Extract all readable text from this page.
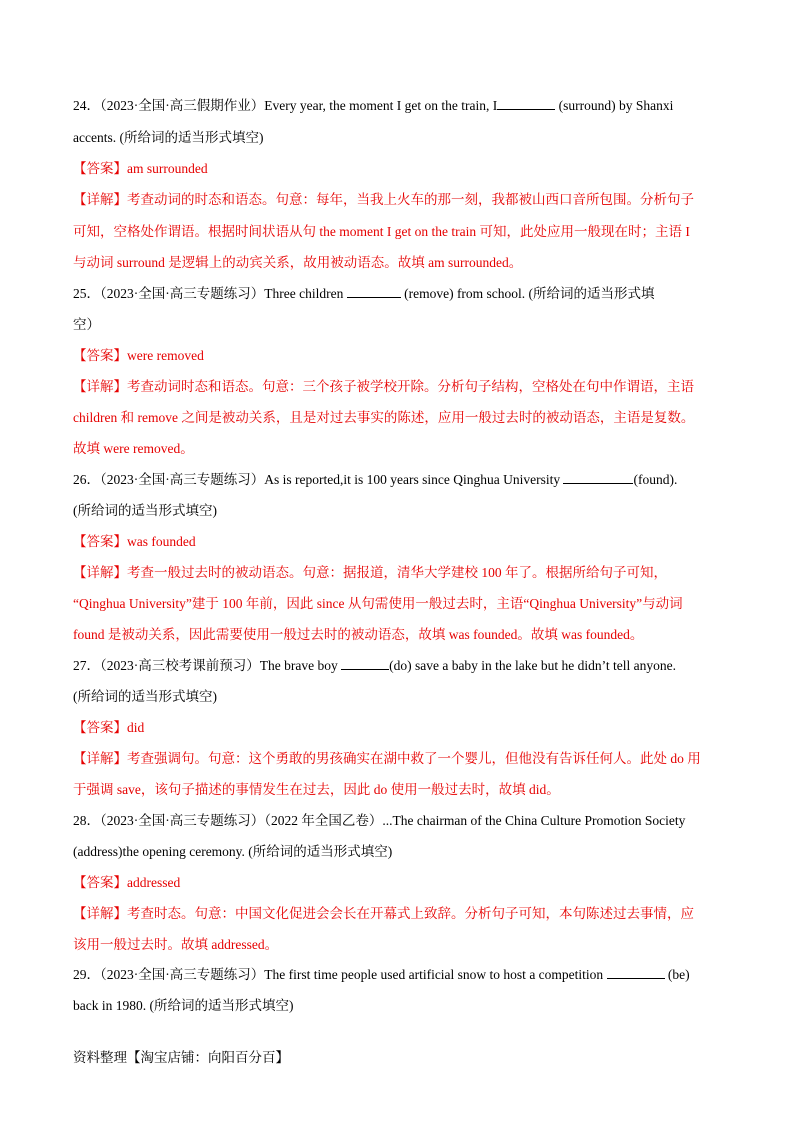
24．（2023·全国·高三假期作业）Every year, the moment I get on the train, I	(surround) by Shanxi
accents. (所给词的适当形式填空)
【答案】am surrounded
【详解】考查动词的时态和语态。句意：每年，当我上火车的那一刻，我都被山西口音所包围。分析句子
可知，空格处作谓语。根据时间状语从句 the moment I get on the train 可知，此处应用一般现在时；主语 I
与动词 surround 是逻辑上的动宾关系，故用被动语态。故填 am surrounded。
25．（2023·全国·高三专题练习）Three children	(remove) from school. (所给词的适当形式填
空）
【答案】were removed
【详解】考查动词时态和语态。句意：三个孩子被学校开除。分析句子结构，空格处在句中作谓语，主语
children 和 remove 之间是被动关系，且是对过去事实的陈述，应用一般过去时的被动语态，主语是复数。
故填 were removed。
26．（2023·全国·高三专题练习）As is reported,it is 100 years since Qinghua University	(found).
(所给词的适当形式填空)
【答案】was founded
【详解】考查一般过去时的被动语态。句意：据报道，清华大学建校 100 年了。根据所给句子可知，
“Qinghua University”建于 100 年前，因此 since 从句需使用一般过去时，主语“Qinghua University”与动词
found 是被动关系，因此需要使用一般过去时的被动语态，故填 was founded。故填 was founded。
27．（2023·高三校考课前预习）The brave boy	(do) save a baby in the lake but he didn’t tell anyone.
(所给词的适当形式填空)
【答案】did
【详解】考查强调句。句意：这个勇敢的男孩确实在湖中救了一个婴儿，但他没有告诉任何人。此处 do 用
于强调 save，该句子描述的事情发生在过去，因此 do 使用一般过去时，故填 did。
28．（2023·全国·高三专题练习）（2022 年全国乙卷）...The chairman of the China Culture Promotion Society
(address)the opening ceremony. (所给词的适当形式填空)
【答案】addressed
【详解】考查时态。句意：中国文化促进会会长在开幕式上致辞。分析句子可知，本句陈述过去事情，应
该用一般过去时。故填 addressed。
29．（2023·全国·高三专题练习）The first time people used artificial snow to host a competition	(be)
back in 1980. (所给词的适当形式填空)
资料整理【淘宝店铺：向阳百分百】
